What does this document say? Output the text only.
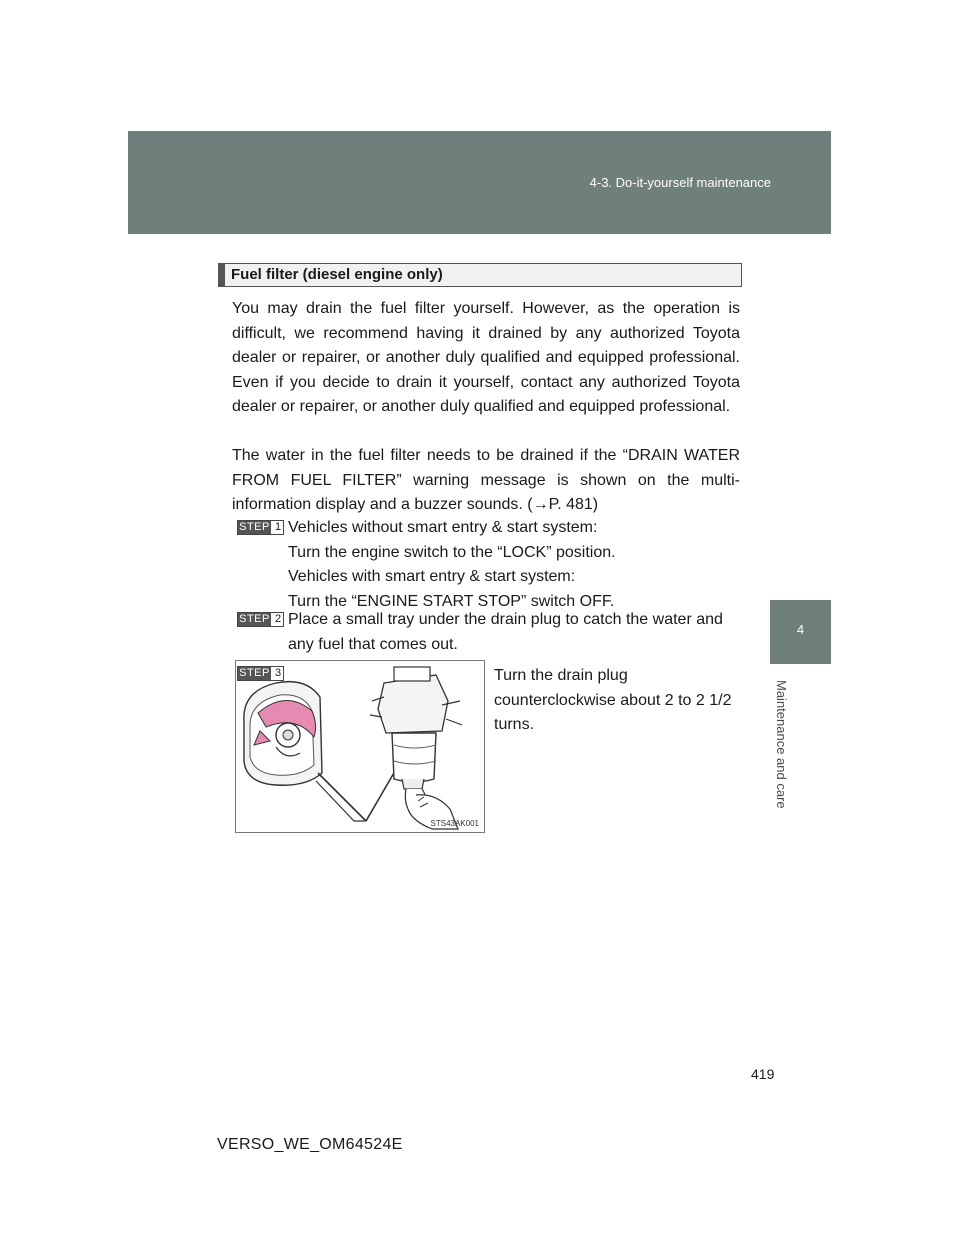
4-3. Do-it-yourself maintenance
4
Maintenance and care
Fuel filter (diesel engine only)

You may drain the fuel filter yourself. However, as the operation is difficult, we recommend having it drained by any authorized Toyota dealer or repairer, or another duly qualified and equipped professional. Even if you decide to drain it yourself, contact any authorized Toyota dealer or repairer, or another duly qualified and equipped professional.

The water in the fuel filter needs to be drained if the “DRAIN WATER FROM FUEL FILTER” warning message is shown on the multi-information display and a buzzer sounds. (→P. 481)

STEP 1 Vehicles without smart entry & start system:
Turn the engine switch to the “LOCK” position.
Vehicles with smart entry & start system:
Turn the “ENGINE START STOP” switch OFF.
STEP 2 Place a small tray under the drain plug to catch the water and any fuel that comes out.
STS43AK001
STEP 3	Turn the drain plug counterclockwise about 2 to 2 1/2 turns.

419
VERSO_WE_OM64524E
